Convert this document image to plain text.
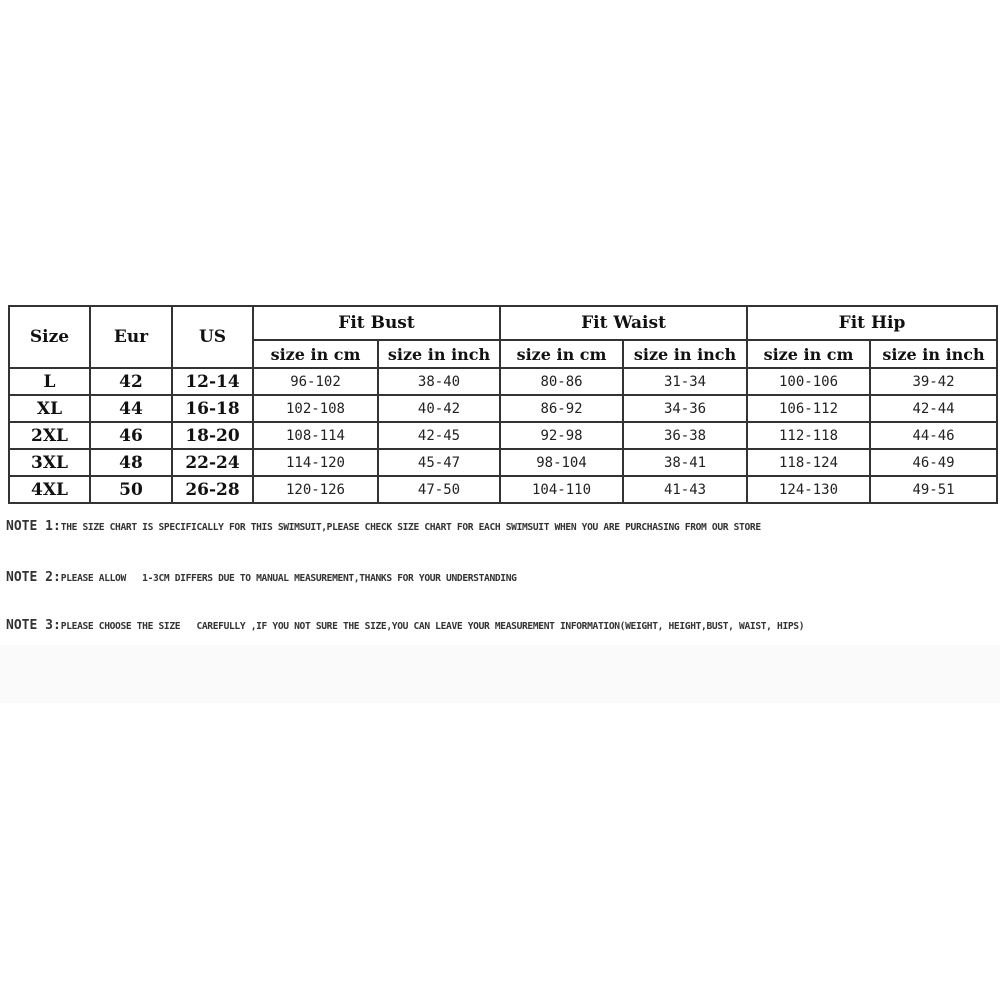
Size	Eur	US	Fit Bust		Fit Waist		Fit Hip	
			size in cm	size in inch	size in cm	size in inch	size in cm	size in inch
L	42	12-14	96-102	38-40	80-86	31-34	100-106	39-42
XL	44	16-18	102-108	40-42	86-92	34-36	106-112	42-44
2XL	46	18-20	108-114	42-45	92-98	36-38	112-118	44-46
3XL	48	22-24	114-120	45-47	98-104	38-41	118-124	46-49
4XL	50	26-28	120-126	47-50	104-110	41-43	124-130	49-51
NOTE 1:THE SIZE CHART IS SPECIFICALLY FOR THIS SWIMSUIT,PLEASE CHECK SIZE CHART FOR EACH SWIMSUIT WHEN YOU ARE PURCHASING FROM OUR STORE
NOTE 2:PLEASE ALLOW   1-3CM DIFFERS DUE TO MANUAL MEASUREMENT,THANKS FOR YOUR UNDERSTANDING
NOTE 3:PLEASE CHOOSE THE SIZE   CAREFULLY ,IF YOU NOT SURE THE SIZE,YOU CAN LEAVE YOUR MEASUREMENT INFORMATION(WEIGHT, HEIGHT,BUST, WAIST, HIPS)
